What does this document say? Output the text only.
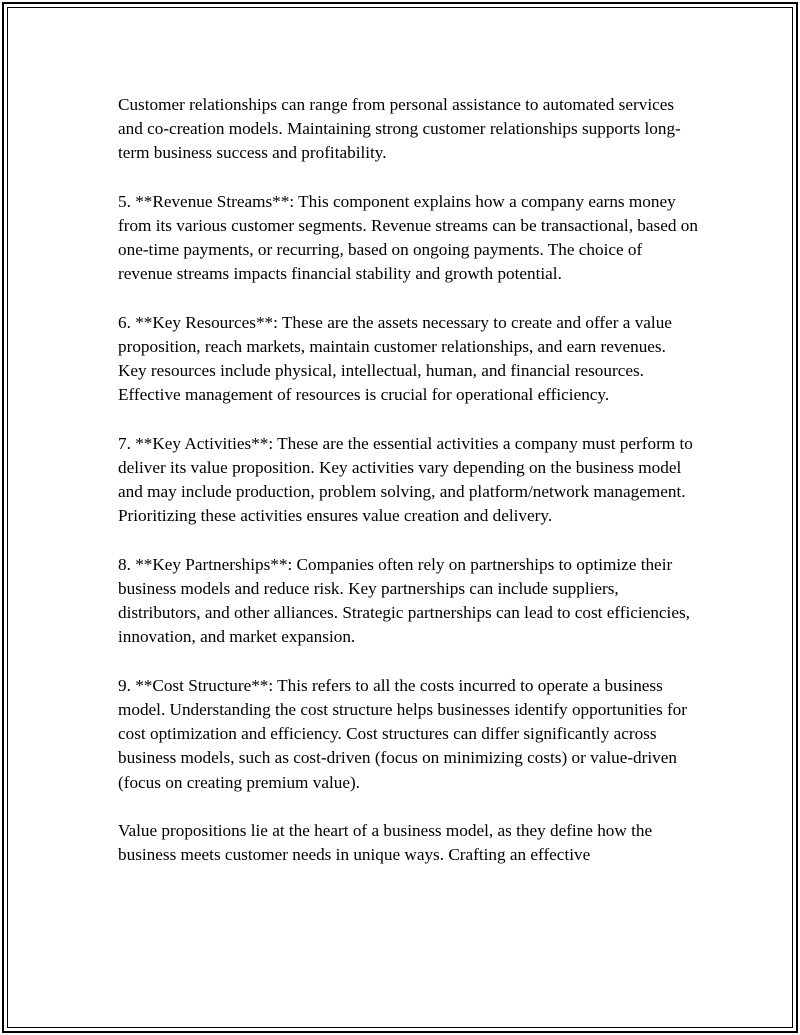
Customer relationships can range from personal assistance to automated services and co-creation models. Maintaining strong customer relationships supports long-term business success and profitability.

5. **Revenue Streams**: This component explains how a company earns money from its various customer segments. Revenue streams can be transactional, based on one-time payments, or recurring, based on ongoing payments. The choice of revenue streams impacts financial stability and growth potential.

6. **Key Resources**: These are the assets necessary to create and offer a value proposition, reach markets, maintain customer relationships, and earn revenues. Key resources include physical, intellectual, human, and financial resources. Effective management of resources is crucial for operational efficiency.

7. **Key Activities**: These are the essential activities a company must perform to deliver its value proposition. Key activities vary depending on the business model and may include production, problem solving, and platform/network management. Prioritizing these activities ensures value creation and delivery.

8. **Key Partnerships**: Companies often rely on partnerships to optimize their business models and reduce risk. Key partnerships can include suppliers, distributors, and other alliances. Strategic partnerships can lead to cost efficiencies, innovation, and market expansion.

9. **Cost Structure**: This refers to all the costs incurred to operate a business model. Understanding the cost structure helps businesses identify opportunities for cost optimization and efficiency. Cost structures can differ significantly across business models, such as cost-driven (focus on minimizing costs) or value-driven (focus on creating premium value).

Value propositions lie at the heart of a business model, as they define how the business meets customer needs in unique ways. Crafting an effective
